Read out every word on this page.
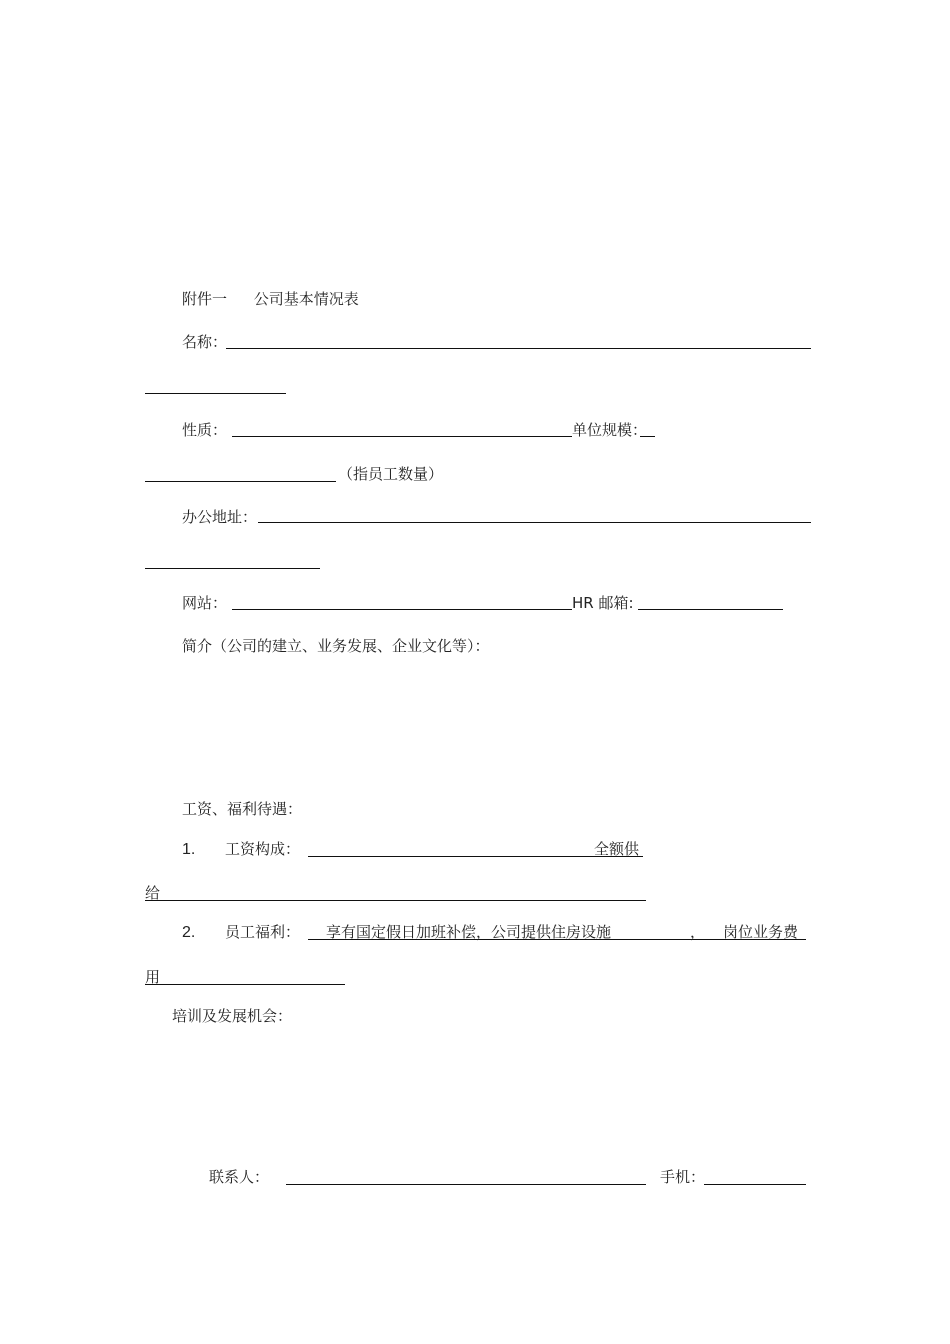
附件一 公司基本情况表
名称：
性质：	单位规模：
（指员工数量）
办公地址：
网站：	HR 邮箱:
简介（公司的建立、业务发展、企业文化等）：
工资、福利待遇：
1. 工资构成：	全额供
给
2. 员工福利： 享有国定假日加班补偿，公司提供住房设施	， 岗位业务费
用
培训及发展机会：
联系人：	手机：
